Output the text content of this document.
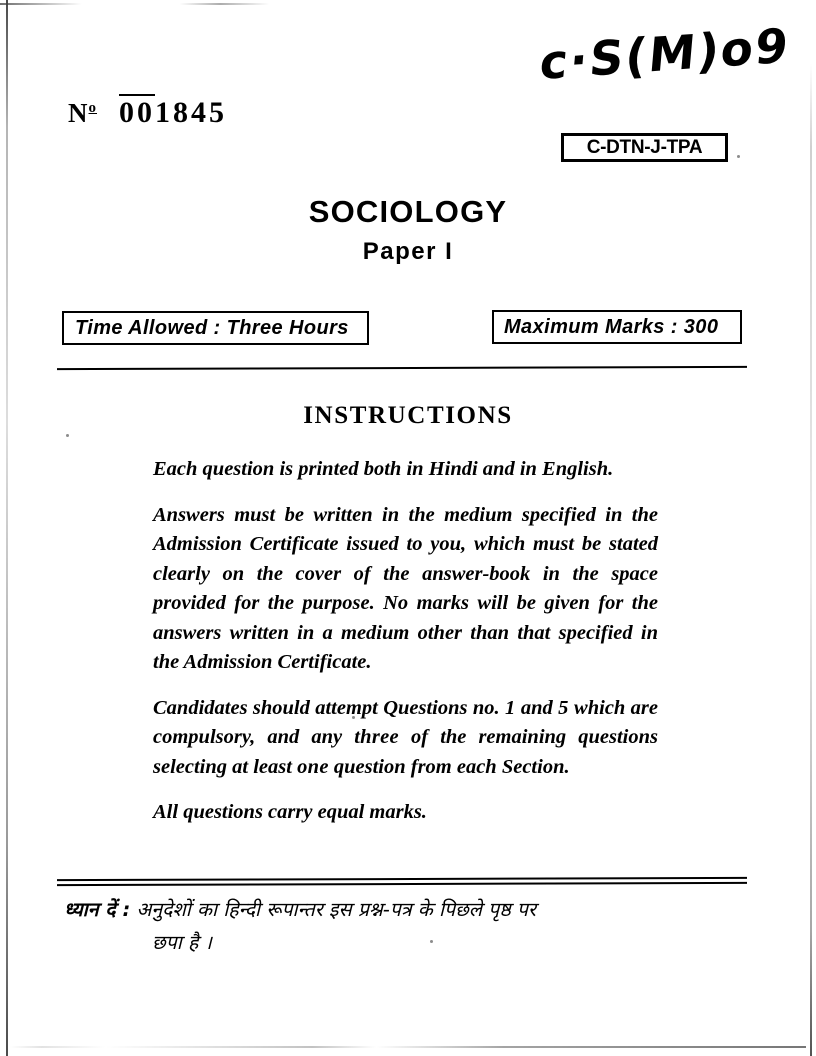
$N^o$ 001845
c·S(M)o9
C-DTN-J-TPA
SOCIOLOGY
Paper I
Time Allowed : Three Hours	Maximum Marks : 300
INSTRUCTIONS

Each question is printed both in Hindi and in English.

Answers must be written in the medium specified in the Admission Certificate issued to you, which must be stated clearly on the cover of the answer-book in the space provided for the purpose. No marks will be given for the answers written in a medium other than that specified in the Admission Certificate.

Candidates should attempt Questions no. 1 and 5 which are compulsory, and any three of the remaining questions selecting at least one question from each Section.

All questions carry equal marks.

ध्यान दें : अनुदेशों का हिन्दी रूपान्तर इस प्रश्न-पत्र के पिछले पृष्ठ पर
छपा है ।
